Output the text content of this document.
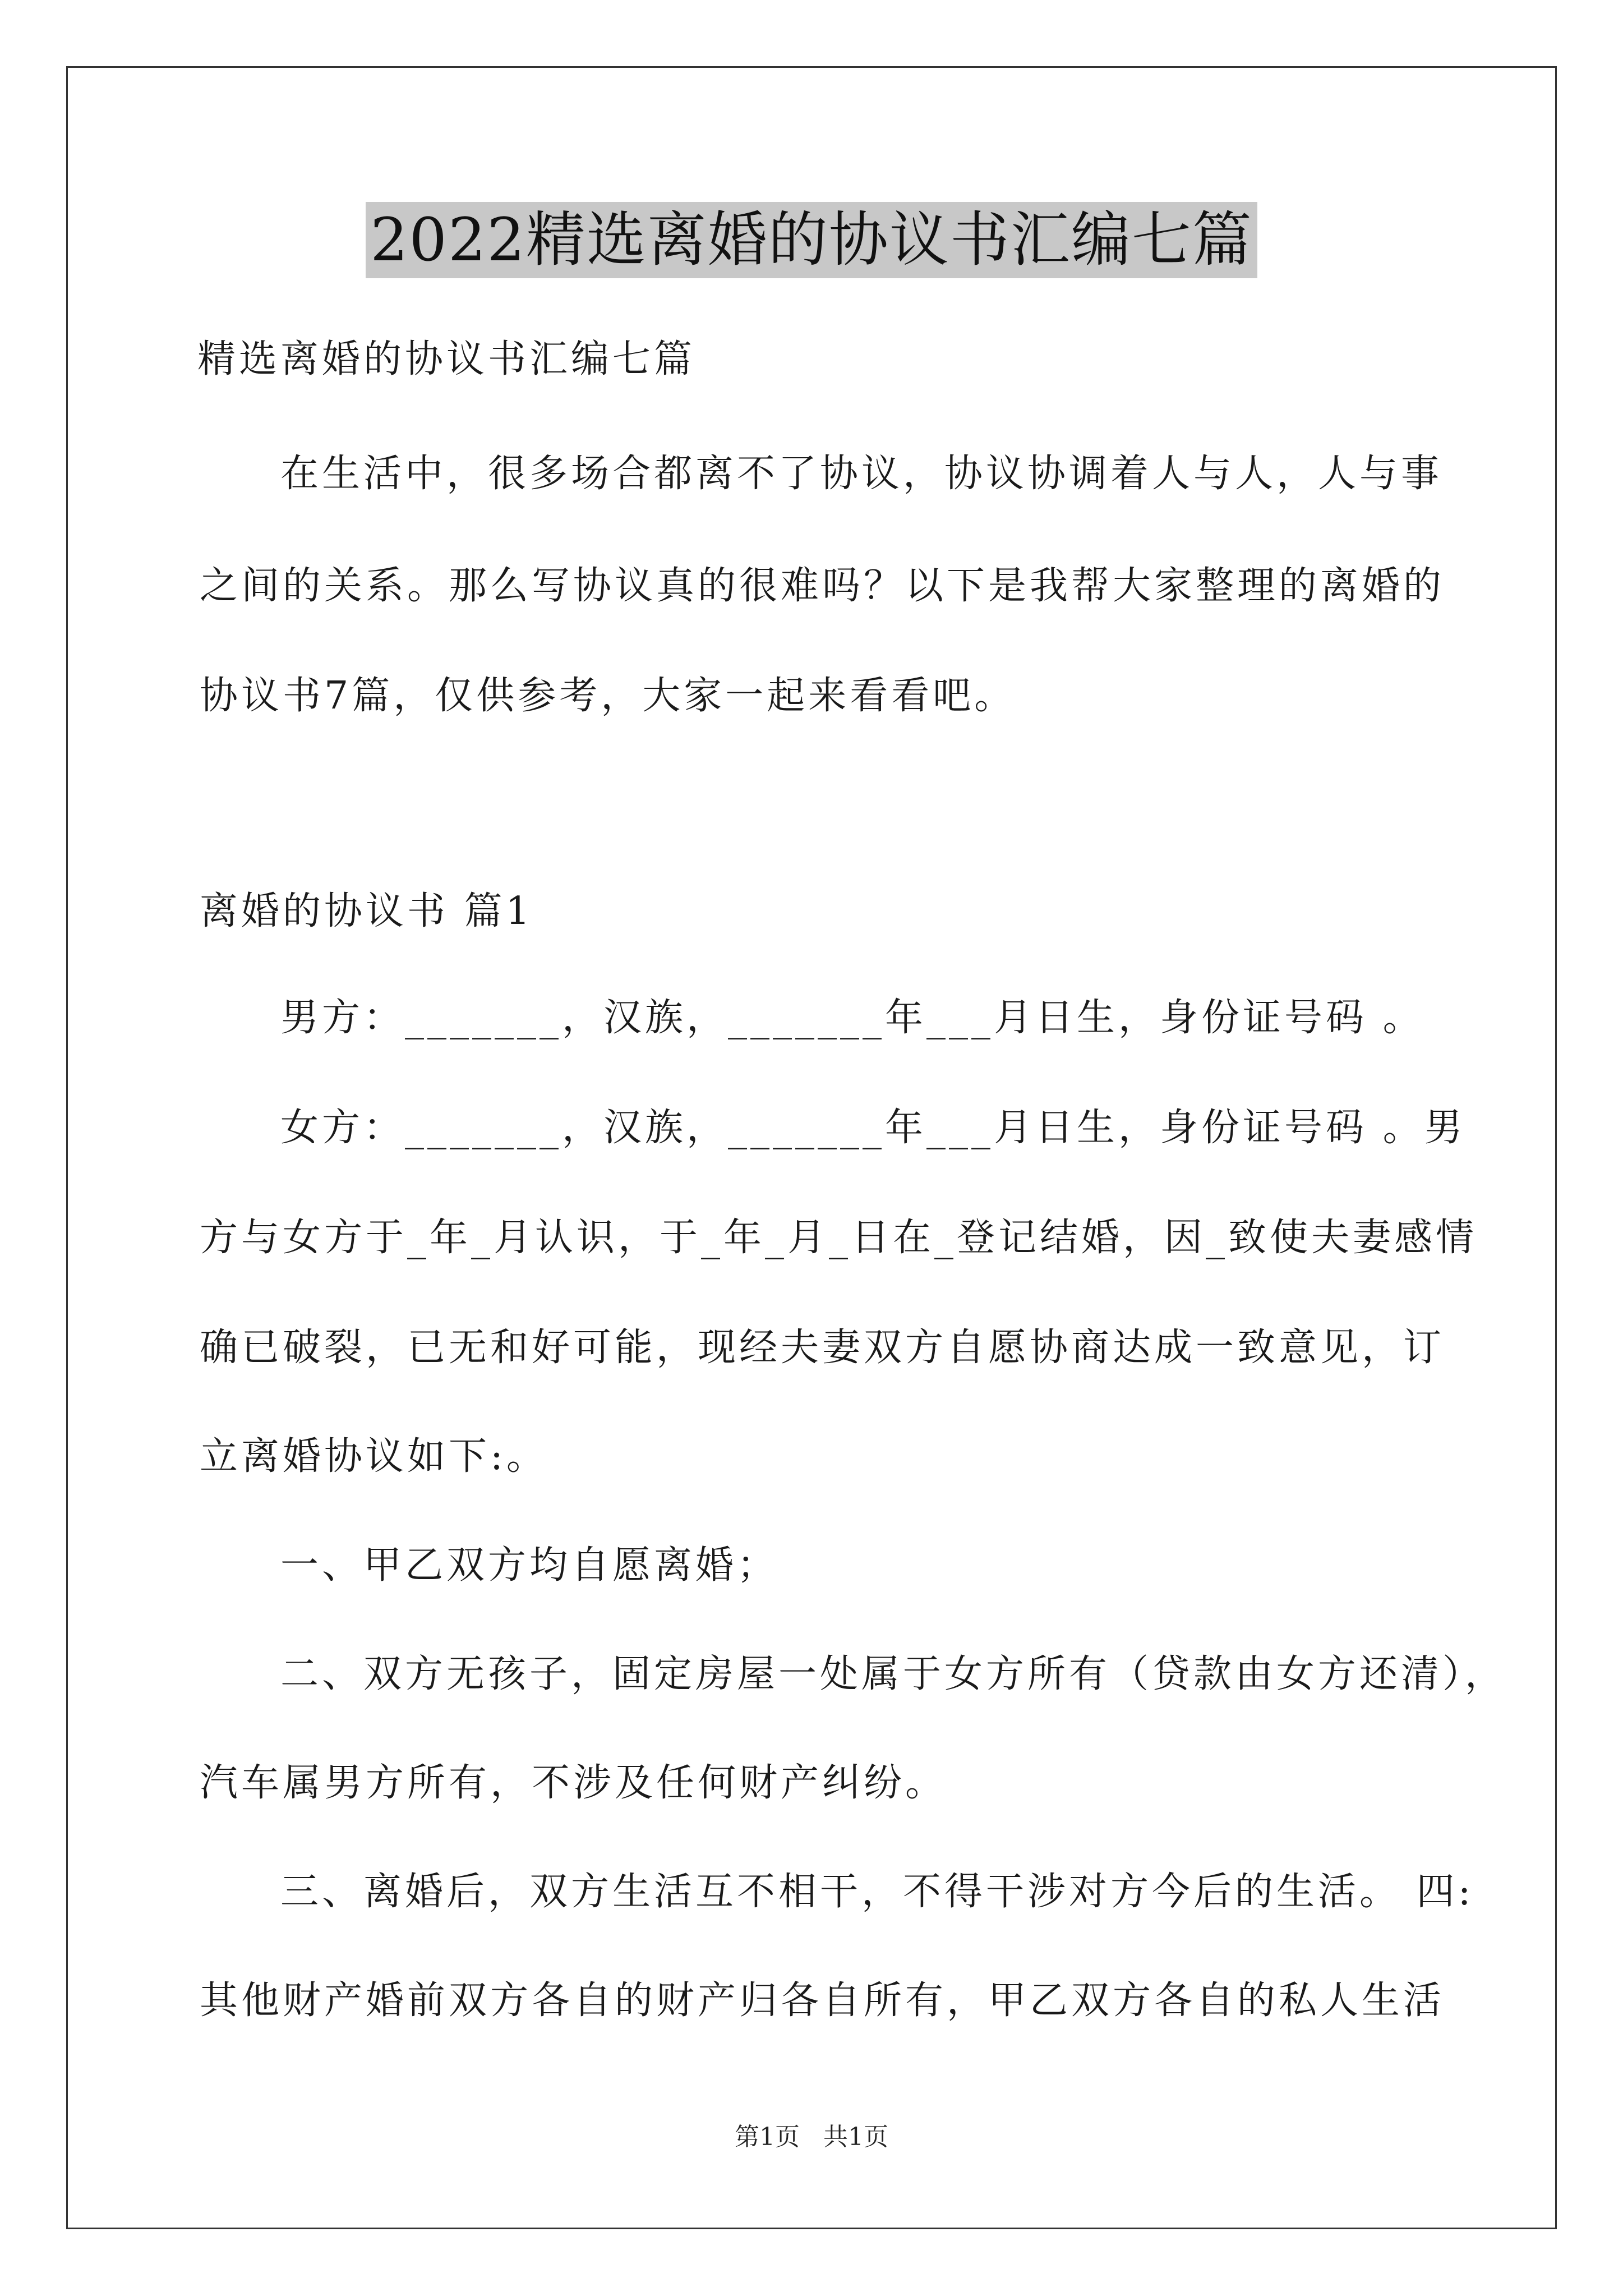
2022精选离婚的协议书汇编七篇
精选离婚的协议书汇编七篇
在生活中，很多场合都离不了协议，协议协调着人与人，人与事
之间的关系。那么写协议真的很难吗？以下是我帮大家整理的离婚的
协议书7篇，仅供参考，大家一起来看看吧。
离婚的协议书 篇1
男方：_______，汉族，_______年___月日生，身份证号码 。
女方：_______，汉族，_______年___月日生，身份证号码 。男
方与女方于_年_月认识，于_年_月_日在_登记结婚，因_致使夫妻感情
确已破裂，已无和好可能，现经夫妻双方自愿协商达成一致意见，订
立离婚协议如下:。
一、甲乙双方均自愿离婚；
二、双方无孩子，固定房屋一处属于女方所有（贷款由女方还清），
汽车属男方所有，不涉及任何财产纠纷。
三、离婚后，双方生活互不相干，不得干涉对方今后的生活。 四:
其他财产婚前双方各自的财产归各自所有，甲乙双方各自的私人生活
第1页   共1页
